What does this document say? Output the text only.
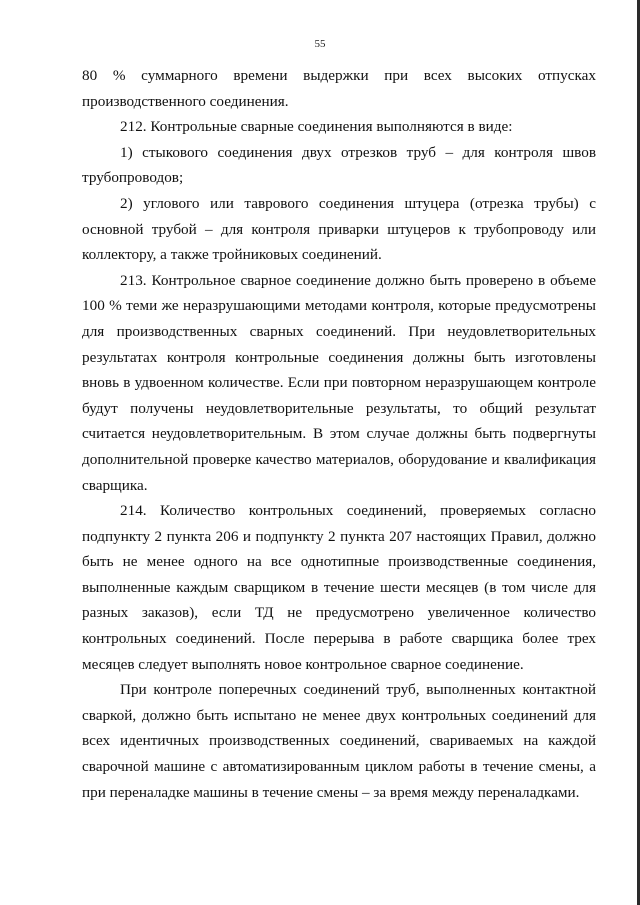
55

80 % суммарного времени выдержки при всех высоких отпусках производственного соединения.

212. Контрольные сварные соединения выполняются в виде:

1) стыкового соединения двух отрезков труб – для контроля швов трубопроводов;

2) углового или таврового соединения штуцера (отрезка трубы) с основной трубой – для контроля приварки штуцеров к трубопроводу или коллектору, а также тройниковых соединений.

213. Контрольное сварное соединение должно быть проверено в объеме 100 % теми же неразрушающими методами контроля, которые предусмотрены для производственных сварных соединений. При неудовлетворительных результатах контроля контрольные соединения должны быть изготовлены вновь в удвоенном количестве. Если при повторном неразрушающем контроле будут получены неудовлетворительные результаты, то общий результат считается неудовлетворительным. В этом случае должны быть подвергнуты дополнительной проверке качество материалов, оборудование и квалификация сварщика.

214. Количество контрольных соединений, проверяемых согласно подпункту 2 пункта 206 и подпункту 2 пункта 207 настоящих Правил, должно быть не менее одного на все однотипные производственные соединения, выполненные каждым сварщиком в течение шести месяцев (в том числе для разных заказов), если ТД не предусмотрено увеличенное количество контрольных соединений. После перерыва в работе сварщика более трех месяцев следует выполнять новое контрольное сварное соединение.

При контроле поперечных соединений труб, выполненных контактной сваркой, должно быть испытано не менее двух контрольных соединений для всех идентичных производственных соединений, свариваемых на каждой сварочной машине с автоматизированным циклом работы в течение смены, а при переналадке машины в течение смены – за время между переналадками.
